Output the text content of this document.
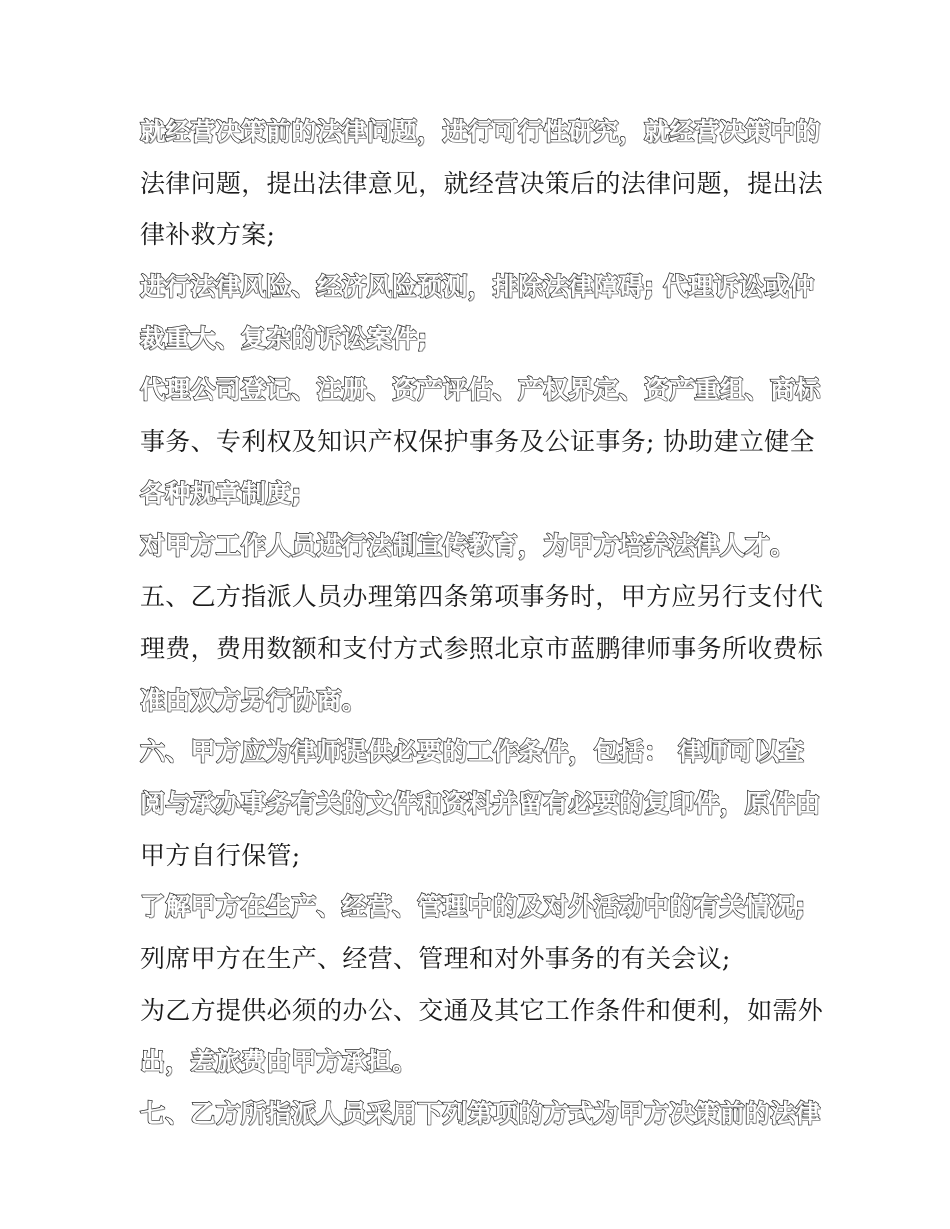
就经营决策前的法律问题，进行可行性研究，就经营决策中的
法律问题，提出法律意见，就经营决策后的法律问题，提出法
律补救方案;
进行法律风险、经济风险预测，排除法律障碍; 代理诉讼或仲
裁重大、复杂的诉讼案件;
代理公司登记、注册、资产评估、产权界定、资产重组、商标
事务、专利权及知识产权保护事务及公证事务; 协助建立健全
各种规章制度;
对甲方工作人员进行法制宣传教育，为甲方培养法律人才。
五、乙方指派人员办理第四条第项事务时，甲方应另行支付代
理费，费用数额和支付方式参照北京市蓝鹏律师事务所收费标
准由双方另行协商。
六、甲方应为律师提供必要的工作条件，包括： 律师可以查
阅与承办事务有关的文件和资料并留有必要的复印件，原件由
甲方自行保管;
了解甲方在生产、经营、管理中的及对外活动中的有关情况;
列席甲方在生产、经营、管理和对外事务的有关会议;
为乙方提供必须的办公、交通及其它工作条件和便利，如需外
出，差旅费由甲方承担。
七、乙方所指派人员采用下列第项的方式为甲方决策前的法律
